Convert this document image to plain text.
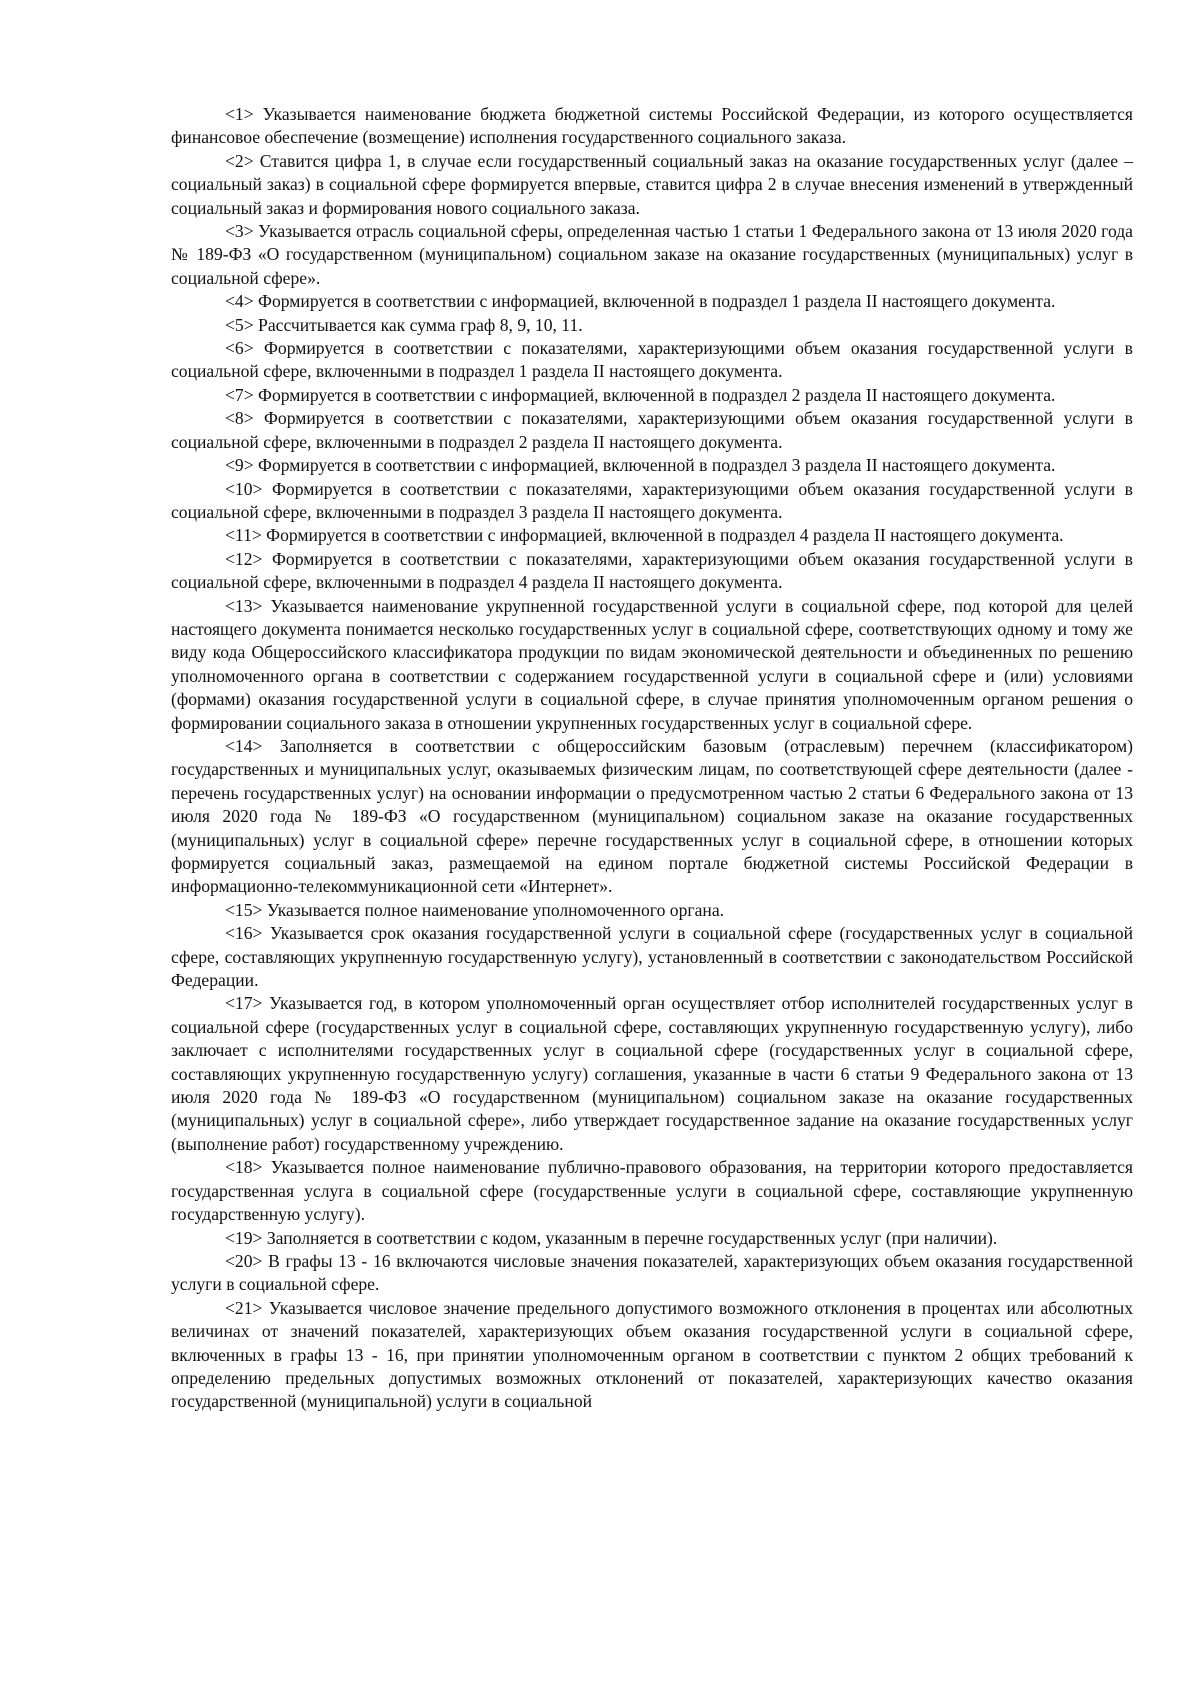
<1> Указывается наименование бюджета бюджетной системы Российской Федерации, из которого осуществляется финансовое обеспечение (возмещение) исполнения государственного социального заказа.

<2> Ставится цифра 1, в случае если государственный социальный заказ на оказание государственных услуг (далее – социальный заказ) в социальной сфере формируется впервые, ставится цифра 2 в случае внесения изменений в утвержденный социальный заказ и формирования нового социального заказа.

<3> Указывается отрасль социальной сферы, определенная частью 1 статьи 1 Федерального закона от 13 июля 2020 года № 189-ФЗ «О государственном (муниципальном) социальном заказе на оказание государственных (муниципальных) услуг в социальной сфере».

<4> Формируется в соответствии с информацией, включенной в подраздел 1 раздела II настоящего документа.

<5> Рассчитывается как сумма граф 8, 9, 10, 11.

<6> Формируется в соответствии с показателями, характеризующими объем оказания государственной услуги в социальной сфере, включенными в подраздел 1 раздела II настоящего документа.

<7> Формируется в соответствии с информацией, включенной в подраздел 2 раздела II настоящего документа.

<8> Формируется в соответствии с показателями, характеризующими объем оказания государственной услуги в социальной сфере, включенными в подраздел 2 раздела II настоящего документа.

<9> Формируется в соответствии с информацией, включенной в подраздел 3 раздела II настоящего документа.

<10> Формируется в соответствии с показателями, характеризующими объем оказания государственной услуги в социальной сфере, включенными в подраздел 3 раздела II настоящего документа.

<11> Формируется в соответствии с информацией, включенной в подраздел 4 раздела II настоящего документа.

<12> Формируется в соответствии с показателями, характеризующими объем оказания государственной услуги в социальной сфере, включенными в подраздел 4 раздела II настоящего документа.

<13> Указывается наименование укрупненной государственной услуги в социальной сфере, под которой для целей настоящего документа понимается несколько государственных услуг в социальной сфере, соответствующих одному и тому же виду кода Общероссийского классификатора продукции по видам экономической деятельности и объединенных по решению уполномоченного органа в соответствии с содержанием государственной услуги в социальной сфере и (или) условиями (формами) оказания государственной услуги в социальной сфере, в случае принятия уполномоченным органом решения о формировании социального заказа в отношении укрупненных государственных услуг в социальной сфере.

<14> Заполняется в соответствии с общероссийским базовым (отраслевым) перечнем (классификатором) государственных и муниципальных услуг, оказываемых физическим лицам, по соответствующей сфере деятельности (далее - перечень государственных услуг) на основании информации о предусмотренном частью 2 статьи 6 Федерального закона от 13 июля 2020 года № 189-ФЗ «О государственном (муниципальном) социальном заказе на оказание государственных (муниципальных) услуг в социальной сфере» перечне государственных услуг в социальной сфере, в отношении которых формируется социальный заказ, размещаемой на едином портале бюджетной системы Российской Федерации в информационно-телекоммуникационной сети «Интернет».

<15> Указывается полное наименование уполномоченного органа.

<16> Указывается срок оказания государственной услуги в социальной сфере (государственных услуг в социальной сфере, составляющих укрупненную государственную услугу), установленный в соответствии с законодательством Российской Федерации.

<17> Указывается год, в котором уполномоченный орган осуществляет отбор исполнителей государственных услуг в социальной сфере (государственных услуг в социальной сфере, составляющих укрупненную государственную услугу), либо заключает с исполнителями государственных услуг в социальной сфере (государственных услуг в социальной сфере, составляющих укрупненную государственную услугу) соглашения, указанные в части 6 статьи 9 Федерального закона от 13 июля 2020 года № 189-ФЗ «О государственном (муниципальном) социальном заказе на оказание государственных (муниципальных) услуг в социальной сфере», либо утверждает государственное задание на оказание государственных услуг (выполнение работ) государственному учреждению.

<18> Указывается полное наименование публично-правового образования, на территории которого предоставляется государственная услуга в социальной сфере (государственные услуги в социальной сфере, составляющие укрупненную государственную услугу).

<19> Заполняется в соответствии с кодом, указанным в перечне государственных услуг (при наличии).

<20> В графы 13 - 16 включаются числовые значения показателей, характеризующих объем оказания государственной услуги в социальной сфере.

<21> Указывается числовое значение предельного допустимого возможного отклонения в процентах или абсолютных величинах от значений показателей, характеризующих объем оказания государственной услуги в социальной сфере, включенных в графы 13 - 16, при принятии уполномоченным органом в соответствии с пунктом 2 общих требований к определению предельных допустимых возможных отклонений от показателей, характеризующих качество оказания государственной (муниципальной) услуги в социальной
